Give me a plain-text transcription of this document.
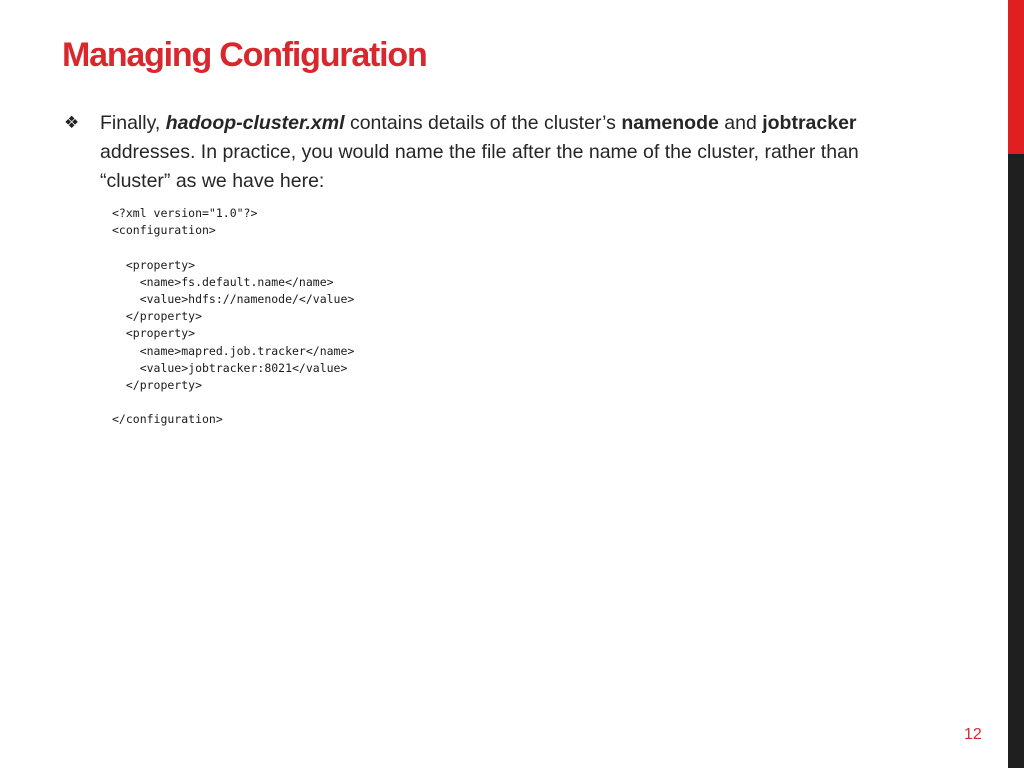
Managing Configuration
❖ Finally, hadoop-cluster.xml contains details of the cluster’s namenode and jobtracker addresses. In practice, you would name the file after the name of the cluster, rather than “cluster” as we have here:

<?xml version="1.0"?>
<configuration>

<property>
<name>fs.default.name</name>
<value>hdfs://namenode/</value>
</property>
<property>
<name>mapred.job.tracker</name>
<value>jobtracker:8021</value>
</property>

</configuration>
12
